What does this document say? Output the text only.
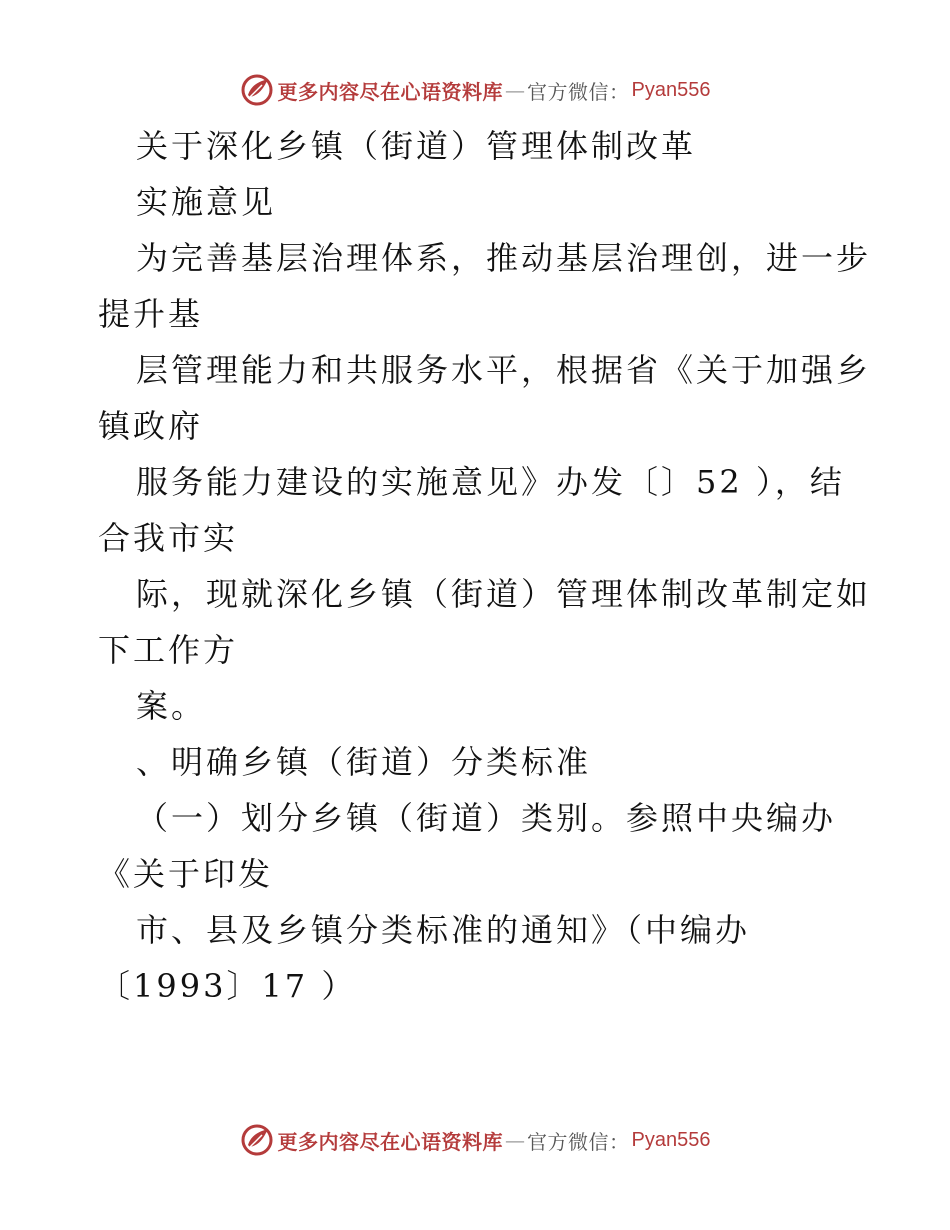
更多内容尽在心语资料库 — 官方微信： Pyan556
关于深化乡镇（街道）管理体制改革
实施意见
为完善基层治理体系，推动基层治理创，进一步
提升基
层管理能力和共服务水平，根据省《关于加强乡
镇政府
服务能力建设的实施意见》办发〔〕52 ），结
合我市实
际，现就深化乡镇（街道）管理体制改革制定如
下工作方
案。
、明确乡镇（街道）分类标准
（一）划分乡镇（街道）类别。参照中央编办
《关于印发
市、县及乡镇分类标准的通知》（中编办
〔1993〕17 ）
更多内容尽在心语资料库 — 官方微信： Pyan556
